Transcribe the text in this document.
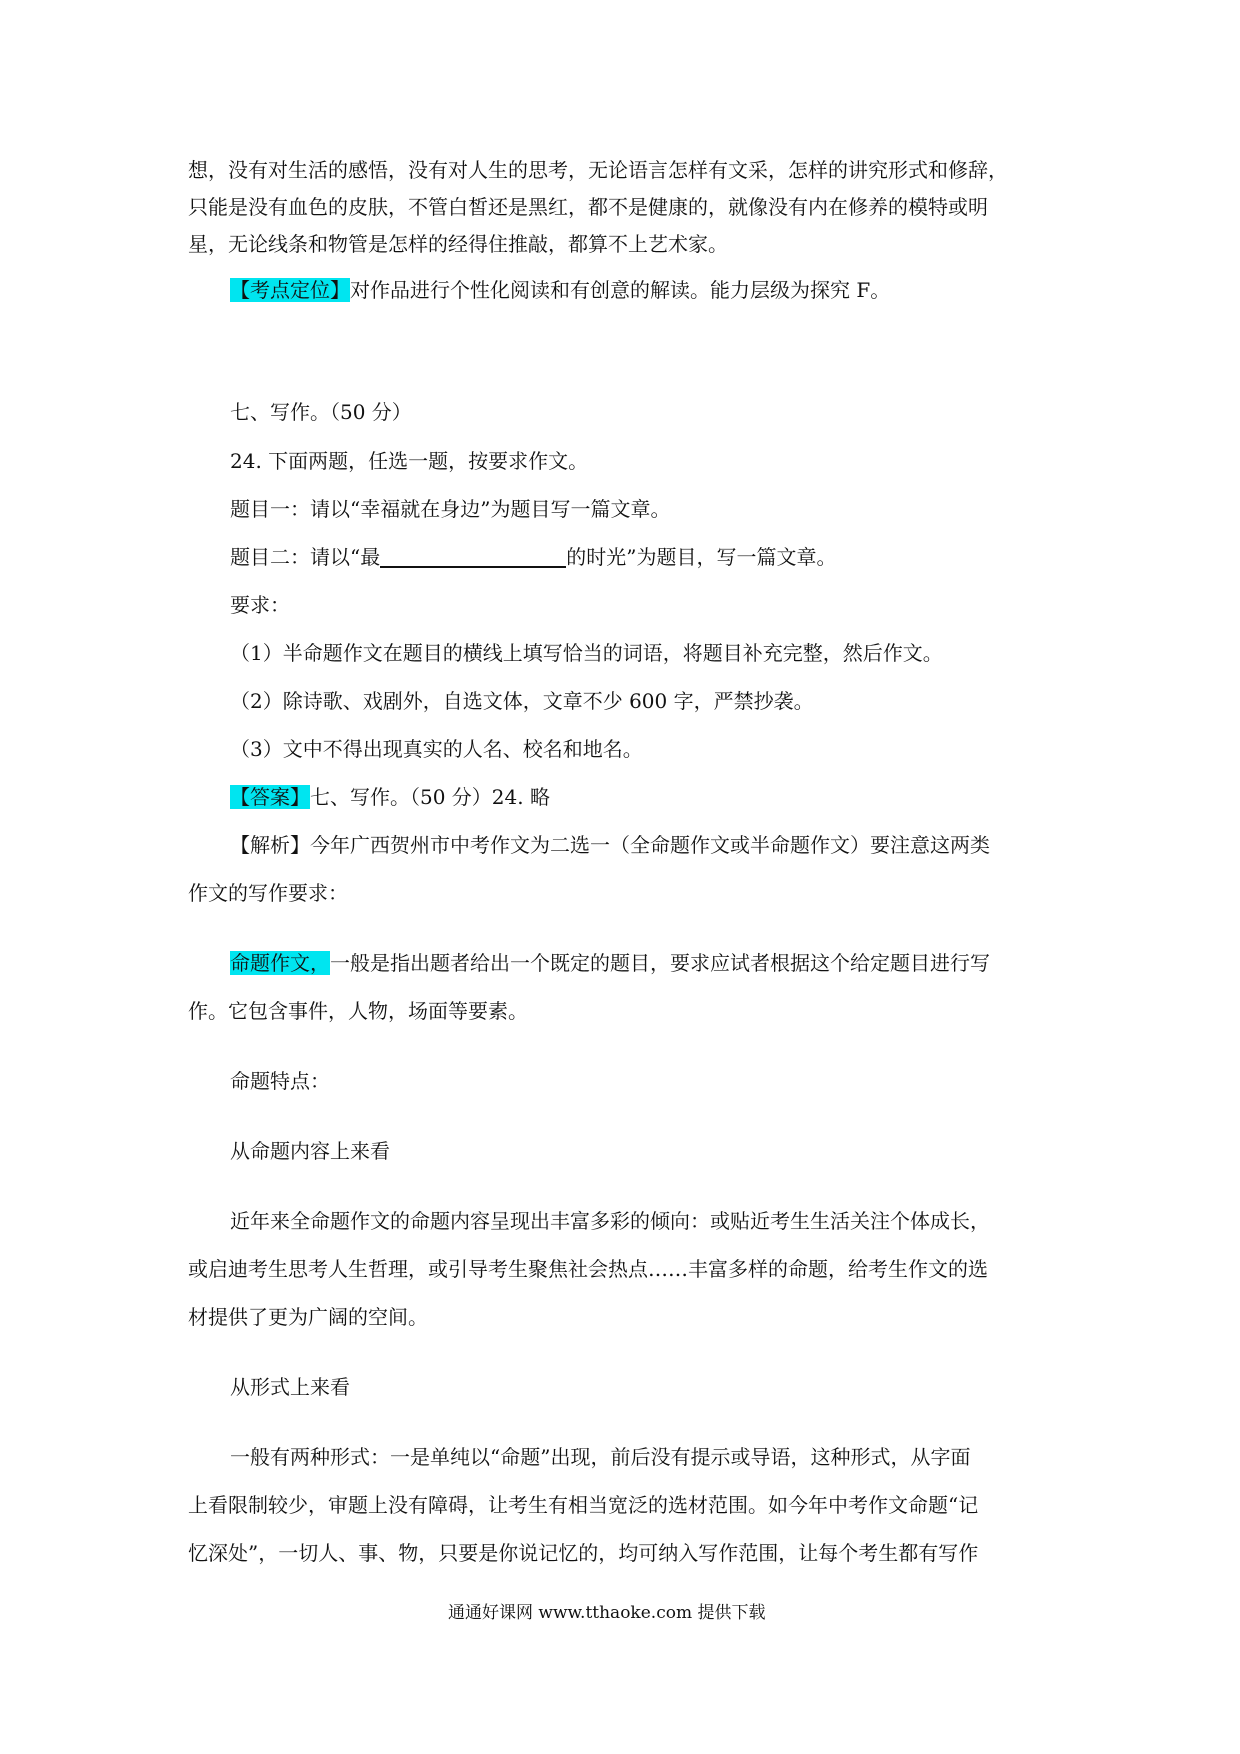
想，没有对生活的感悟，没有对人生的思考，无论语言怎样有文采，怎样的讲究形式和修辞，
只能是没有血色的皮肤，不管白皙还是黑红，都不是健康的，就像没有内在修养的模特或明
星，无论线条和物管是怎样的经得住推敲，都算不上艺术家。
【考点定位】对作品进行个性化阅读和有创意的解读。能力层级为探究 F。
七、写作。（50 分）
24. 下面两题，任选一题，按要求作文。
题目一：请以“幸福就在身边”为题目写一篇文章。
题目二：请以“最	的时光”为题目，写一篇文章。
要求：
（1）半命题作文在题目的横线上填写恰当的词语，将题目补充完整，然后作文。
（2）除诗歌、戏剧外，自选文体，文章不少 600 字，严禁抄袭。
（3）文中不得出现真实的人名、校名和地名。
【答案】七、写作。（50 分）24. 略
【解析】今年广西贺州市中考作文为二选一（全命题作文或半命题作文）要注意这两类
作文的写作要求：
命题作文，一般是指出题者给出一个既定的题目，要求应试者根据这个给定题目进行写
作。它包含事件，人物，场面等要素。
命题特点：
从命题内容上来看
近年来全命题作文的命题内容呈现出丰富多彩的倾向：或贴近考生生活关注个体成长，
或启迪考生思考人生哲理，或引导考生聚焦社会热点……丰富多样的命题，给考生作文的选
材提供了更为广阔的空间。
从形式上来看
一般有两种形式：一是单纯以“命题”出现，前后没有提示或导语，这种形式，从字面
上看限制较少，审题上没有障碍，让考生有相当宽泛的选材范围。如今年中考作文命题“记
忆深处”，一切人、事、物，只要是你说记忆的，均可纳入写作范围，让每个考生都有写作
通通好课网 www.tthaoke.com 提供下载
